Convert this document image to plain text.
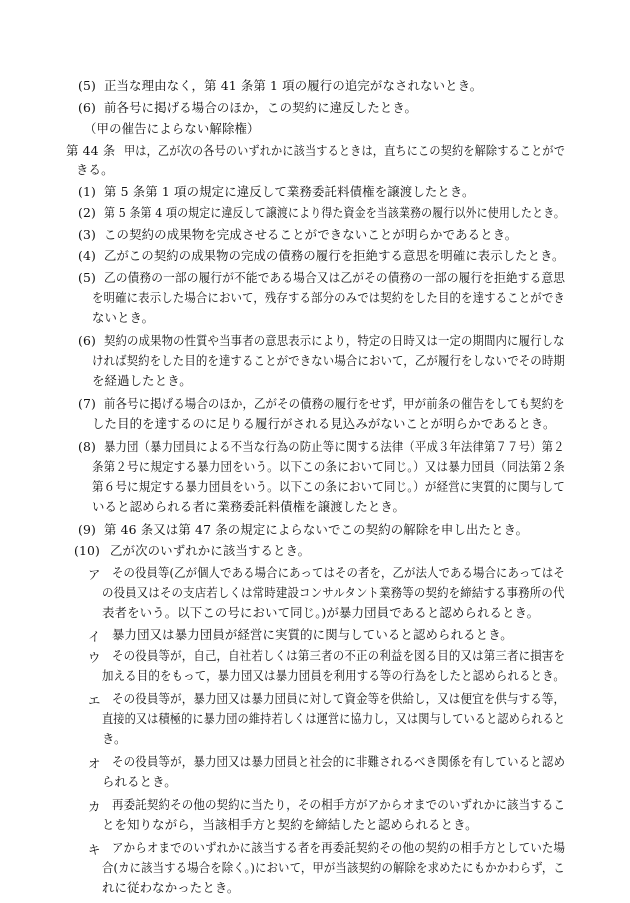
(5) 正当な理由なく，第 41 条第 1 項の履行の追完がなされないとき。
(6) 前各号に掲げる場合のほか，この契約に違反したとき。
（甲の催告によらない解除権）
第 44 条 甲は，乙が次の各号のいずれかに該当するときは，直ちにこの契約を解除することがで
きる。
(1) 第 5 条第 1 項の規定に違反して業務委託料債権を譲渡したとき。
(2) 第 5 条第 4 項の規定に違反して譲渡により得た資金を当該業務の履行以外に使用したとき。
(3) この契約の成果物を完成させることができないことが明らかであるとき。
(4) 乙がこの契約の成果物の完成の債務の履行を拒絶する意思を明確に表示したとき。
(5) 乙の債務の一部の履行が不能である場合又は乙がその債務の一部の履行を拒絶する意思
を明確に表示した場合において，残存する部分のみでは契約をした目的を達することができ
ないとき。
(6) 契約の成果物の性質や当事者の意思表示により，特定の日時又は一定の期間内に履行しな
ければ契約をした目的を達することができない場合において，乙が履行をしないでその時期
を経過したとき。
(7) 前各号に掲げる場合のほか，乙がその債務の履行をせず，甲が前条の催告をしても契約を
した目的を達するのに足りる履行がされる見込みがないことが明らかであるとき。
(8) 暴力団（暴力団員による不当な行為の防止等に関する法律（平成３年法律第７７号）第２
条第２号に規定する暴力団をいう。以下この条において同じ。）又は暴力団員（同法第２条
第６号に規定する暴力団員をいう。以下この条において同じ。）が経営に実質的に関与して
いると認められる者に業務委託料債権を譲渡したとき。
(9) 第 46 条又は第 47 条の規定によらないでこの契約の解除を申し出たとき。
(10) 乙が次のいずれかに該当するとき。
ア その役員等(乙が個人である場合にあってはその者を，乙が法人である場合にあってはそ
の役員又はその支店若しくは常時建設コンサルタント業務等の契約を締結する事務所の代
表者をいう。以下この号において同じ。)が暴力団員であると認められるとき。
イ 暴力団又は暴力団員が経営に実質的に関与していると認められるとき。
ウ その役員等が，自己，自社若しくは第三者の不正の利益を図る目的又は第三者に損害を
加える目的をもって，暴力団又は暴力団員を利用する等の行為をしたと認められるとき。
エ その役員等が，暴力団又は暴力団員に対して資金等を供給し，又は便宜を供与する等，
直接的又は積極的に暴力団の維持若しくは運営に協力し，又は関与していると認められると
き。
オ その役員等が，暴力団又は暴力団員と社会的に非難されるべき関係を有していると認め
られるとき。
カ 再委託契約その他の契約に当たり，その相手方がアからオまでのいずれかに該当するこ
とを知りながら，当該相手方と契約を締結したと認められるとき。
キ アからオまでのいずれかに該当する者を再委託契約その他の契約の相手方としていた場
合(カに該当する場合を除く。)において，甲が当該契約の解除を求めたにもかかわらず，こ
れに従わなかったとき。
